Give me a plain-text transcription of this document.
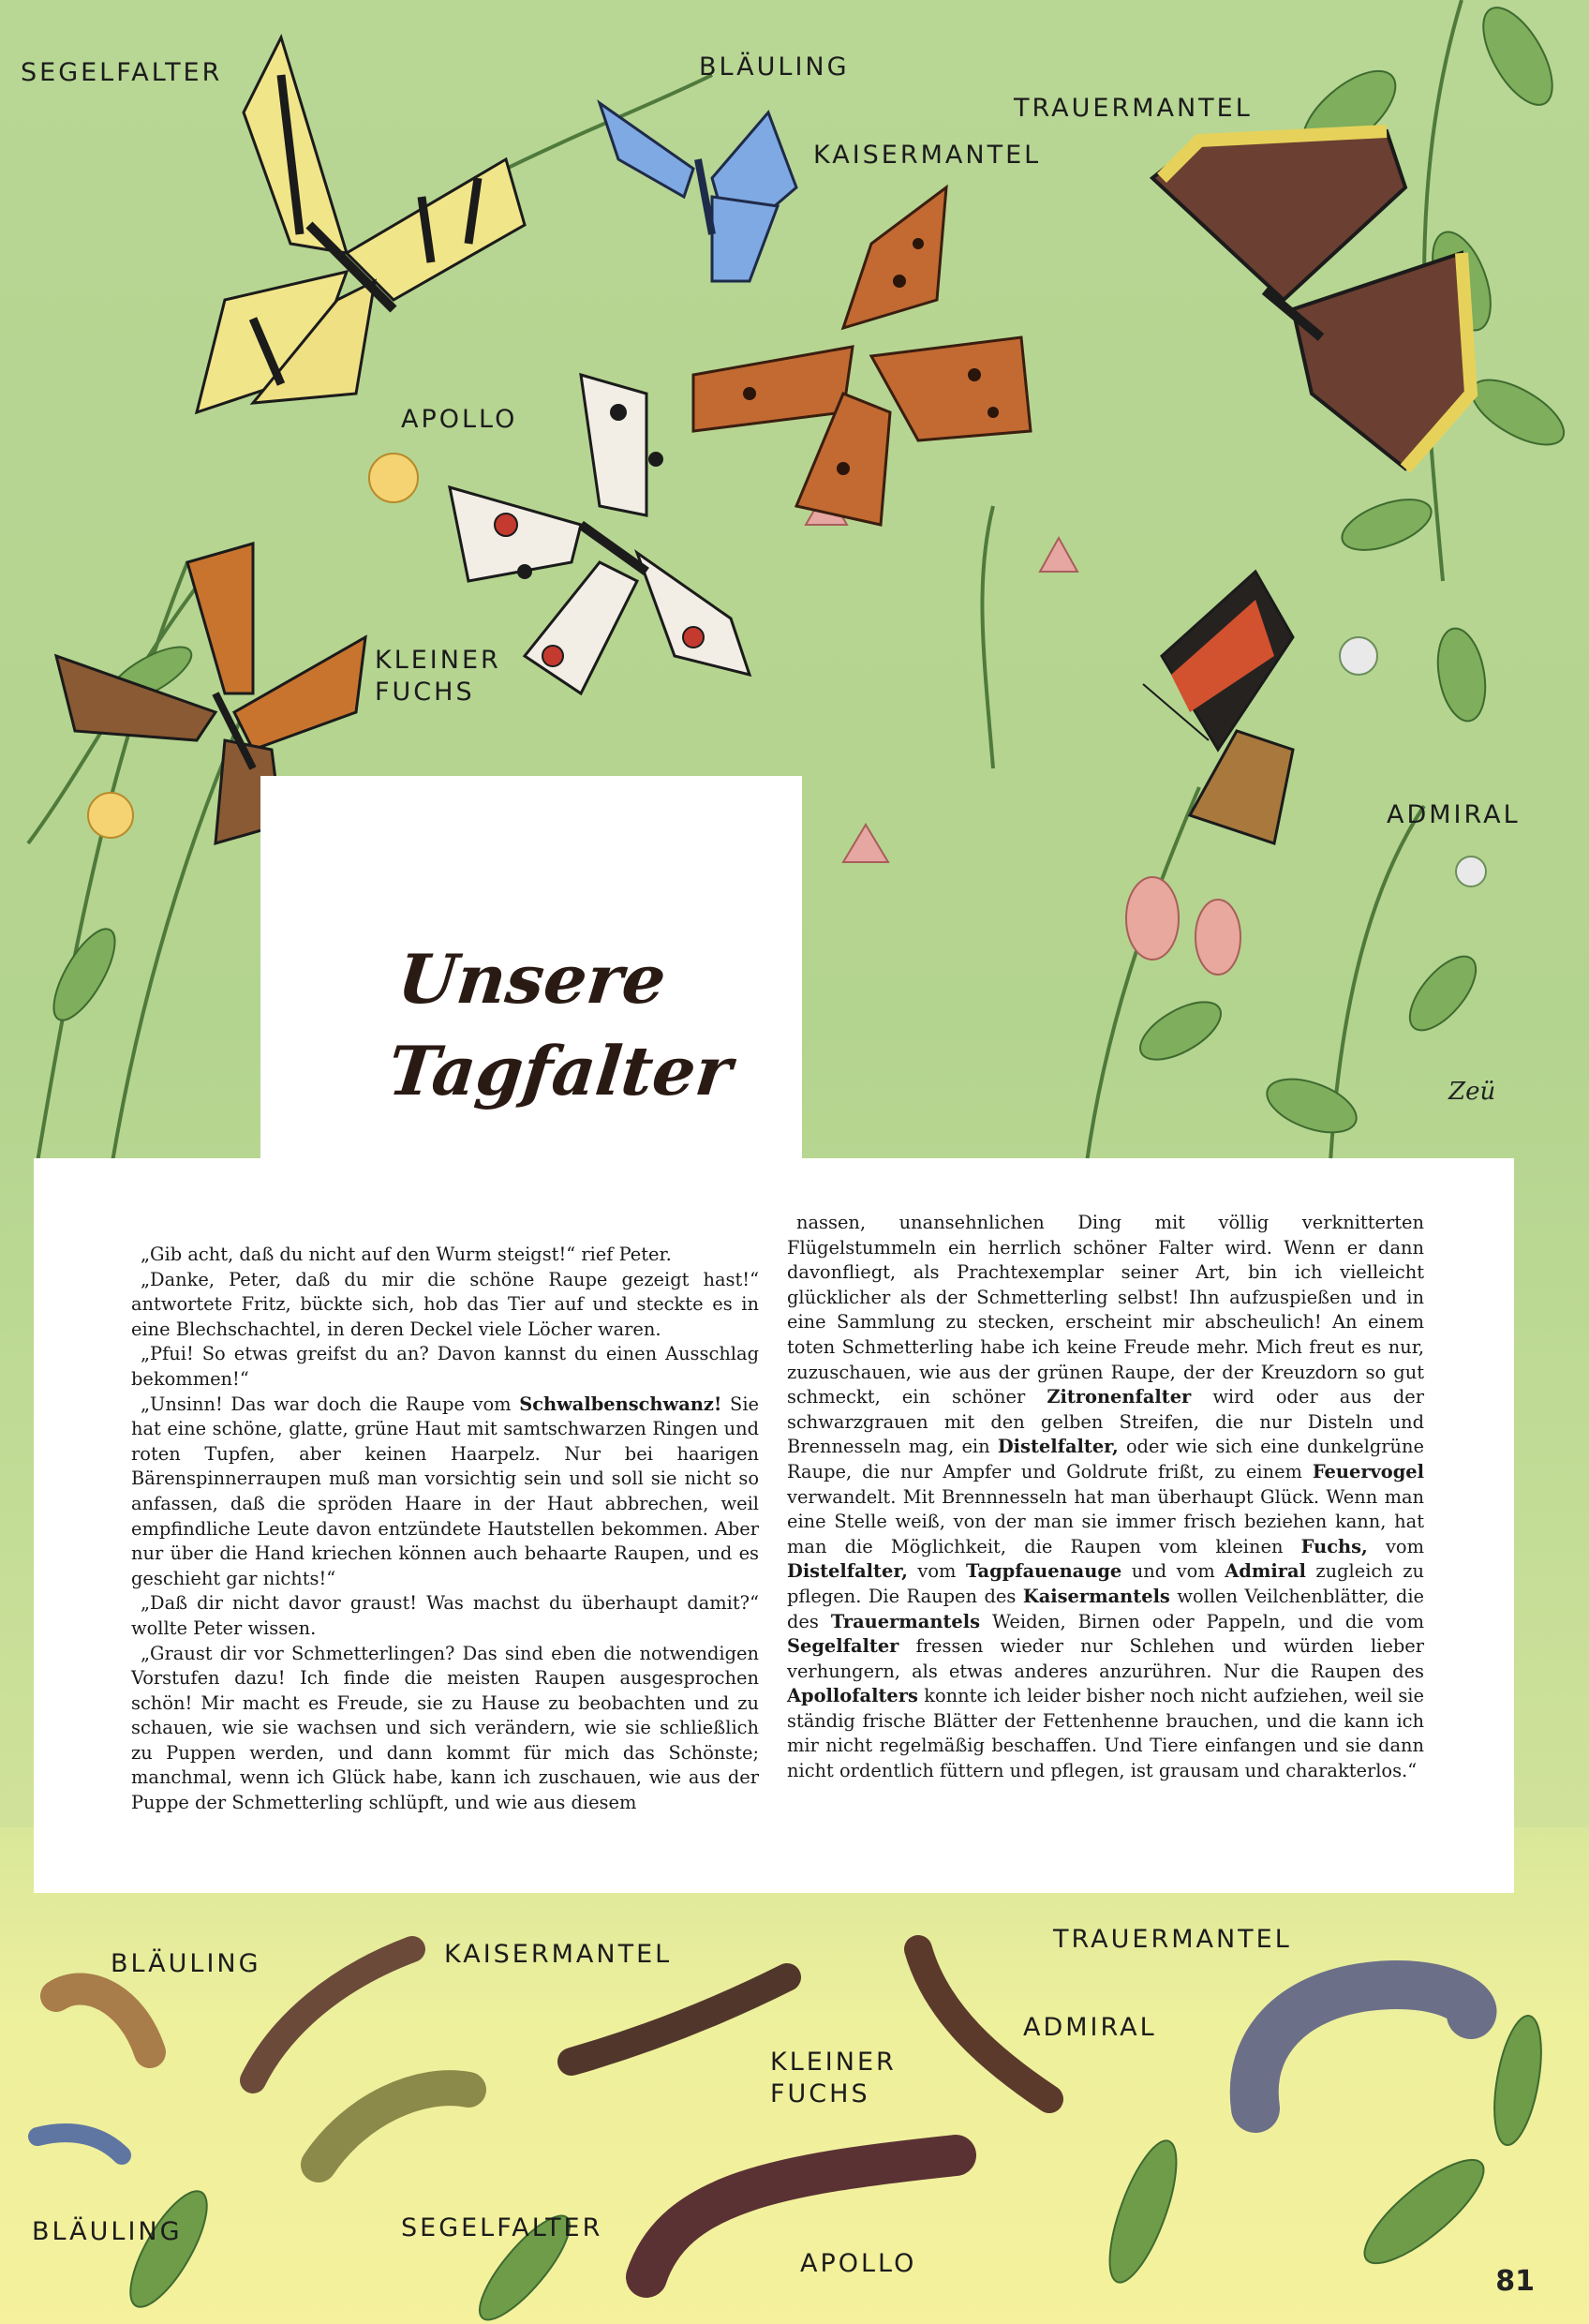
Unsere Tagfalter	Zeü
SEGELFALTER	BLÄULING
TRAUERMANTEL
KAISERMANTEL
APOLLO
KLEINER FUCHS
ADMIRAL
BLÄULING	KAISERMANTEL
TRAUERMANTEL
ADMIRAL
KLEINER FUCHS
BLÄULING	SEGELFALTER
APOLLO

„Gib acht, daß du nicht auf den Wurm steigst!“ rief Peter.

„Danke, Peter, daß du mir die schöne Raupe gezeigt hast!“ antwortete Fritz, bückte sich, hob das Tier auf und steckte es in eine Blechschachtel, in deren Deckel viele Löcher waren.

„Pfui! So etwas greifst du an? Davon kannst du einen Ausschlag bekommen!“

„Unsinn! Das war doch die Raupe vom Schwalbenschwanz! Sie hat eine schöne, glatte, grüne Haut mit samtschwarzen Ringen und roten Tupfen, aber keinen Haarpelz. Nur bei haarigen Bärenspinnerraupen muß man vorsichtig sein und soll sie nicht so anfassen, daß die spröden Haare in der Haut abbrechen, weil empfindliche Leute davon entzündete Hautstellen bekommen. Aber nur über die Hand kriechen können auch behaarte Raupen, und es geschieht gar nichts!“

„Daß dir nicht davor graust! Was machst du überhaupt damit?“ wollte Peter wissen.

„Graust dir vor Schmetterlingen? Das sind eben die notwendigen Vorstufen dazu! Ich finde die meisten Raupen ausgesprochen schön! Mir macht es Freude, sie zu Hause zu beobachten und zu schauen, wie sie wachsen und sich verändern, wie sie schließlich zu Puppen werden, und dann kommt für mich das Schönste; manchmal, wenn ich Glück habe, kann ich zuschauen, wie aus der Puppe der Schmetterling schlüpft, und wie aus diesem

nassen, unansehnlichen Ding mit völlig verknitterten Flügelstummeln ein herrlich schöner Falter wird. Wenn er dann davonfliegt, als Prachtexemplar seiner Art, bin ich vielleicht glücklicher als der Schmetterling selbst! Ihn aufzuspießen und in eine Sammlung zu stecken, erscheint mir abscheulich! An einem toten Schmetterling habe ich keine Freude mehr. Mich freut es nur, zuzuschauen, wie aus der grünen Raupe, der der Kreuzdorn so gut schmeckt, ein schöner Zitronenfalter wird oder aus der schwarzgrauen mit den gelben Streifen, die nur Disteln und Brennesseln mag, ein Distelfalter, oder wie sich eine dunkelgrüne Raupe, die nur Ampfer und Goldrute frißt, zu einem Feuervogel verwandelt. Mit Brennnesseln hat man überhaupt Glück. Wenn man eine Stelle weiß, von der man sie immer frisch beziehen kann, hat man die Möglichkeit, die Raupen vom kleinen Fuchs, vom Distelfalter, vom Tagpfauenauge und vom Admiral zugleich zu pflegen. Die Raupen des Kaisermantels wollen Veilchenblätter, die des Trauermantels Weiden, Birnen oder Pappeln, und die vom Segelfalter fressen wieder nur Schlehen und würden lieber verhungern, als etwas anderes anzurühren. Nur die Raupen des Apollofalters konnte ich leider bisher noch nicht aufziehen, weil sie ständig frische Blätter der Fettenhenne brauchen, und die kann ich mir nicht regelmäßig beschaffen. Und Tiere einfangen und sie dann nicht ordentlich füttern und pflegen, ist grausam und charakterlos.“

81
